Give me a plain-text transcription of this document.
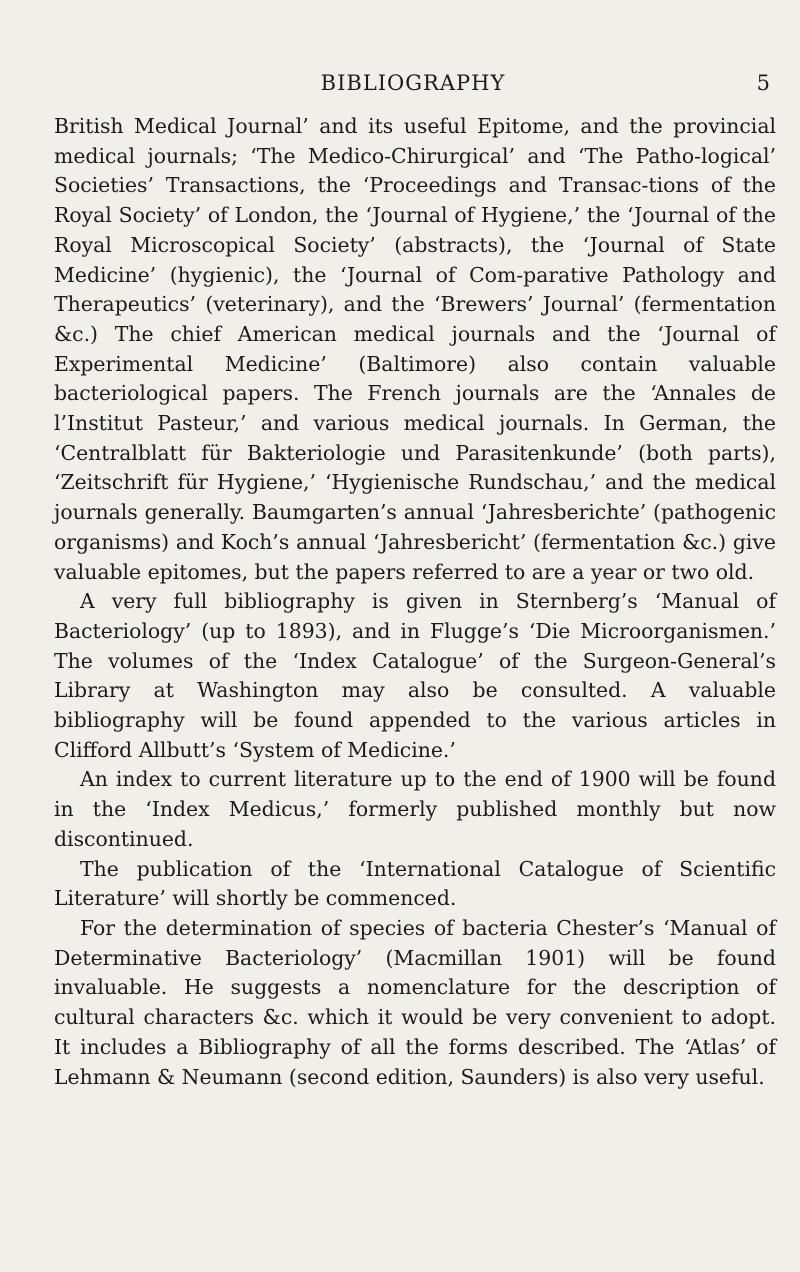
BIBLIOGRAPHY	5

British Medical Journal’ and its useful Epitome, and the provincial medical journals; ‘The Medico-Chirurgical’ and ‘The Patho-logical’ Societies’ Transactions, the ‘Proceedings and Transac-tions of the Royal Society’ of London, the ‘Journal of Hygiene,’ the ‘Journal of the Royal Microscopical Society’ (abstracts), the ‘Journal of State Medicine’ (hygienic), the ‘Journal of Com-parative Pathology and Therapeutics’ (veterinary), and the ‘Brewers’ Journal’ (fermentation &c.) The chief American medical journals and the ‘Journal of Experimental Medicine’ (Baltimore) also contain valuable bacteriological papers. The French journals are the ‘Annales de l’Institut Pasteur,’ and various medical journals. In German, the ‘Centralblatt für Bakteriologie und Parasitenkunde’ (both parts), ‘Zeitschrift für Hygiene,’ ‘Hygienische Rundschau,’ and the medical journals generally. Baumgarten’s annual ‘Jahresberichte’ (pathogenic organisms) and Koch’s annual ‘Jahresbericht’ (fermentation &c.) give valuable epitomes, but the papers referred to are a year or two old.

A very full bibliography is given in Sternberg’s ‘Manual of Bacteriology’ (up to 1893), and in Flugge’s ‘Die Microorganismen.’ The volumes of the ‘Index Catalogue’ of the Surgeon-General’s Library at Washington may also be consulted. A valuable bibliography will be found appended to the various articles in Clifford Allbutt’s ‘System of Medicine.’

An index to current literature up to the end of 1900 will be found in the ‘Index Medicus,’ formerly published monthly but now discontinued.

The publication of the ‘International Catalogue of Scientific Literature’ will shortly be commenced.

For the determination of species of bacteria Chester’s ‘Manual of Determinative Bacteriology’ (Macmillan 1901) will be found invaluable. He suggests a nomenclature for the description of cultural characters &c. which it would be very convenient to adopt. It includes a Bibliography of all the forms described. The ‘Atlas’ of Lehmann & Neumann (second edition, Saunders) is also very useful.
